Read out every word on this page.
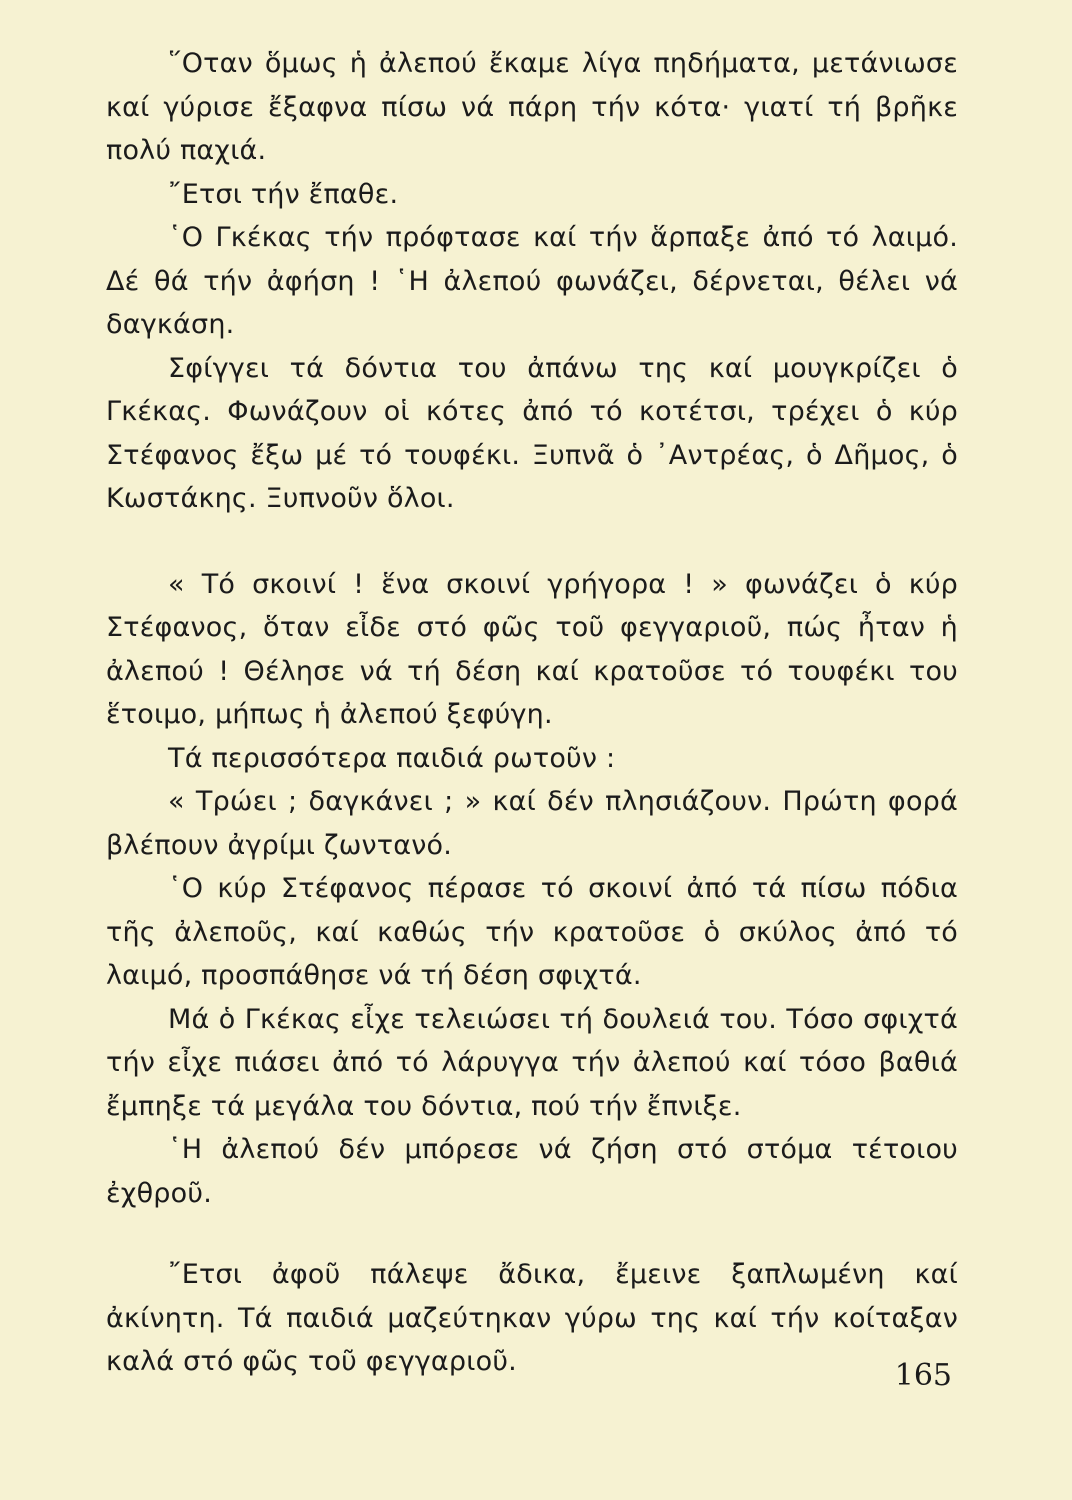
῞Οταν ὅμως ἡ ἀλεπού ἔκαμε λίγα πηδήματα, μετάνιωσε καί γύρισε ἔξαφνα πίσω νά πάρη τήν κότα· γιατί τή βρῆκε πολύ παχιά.

῎Ετσι τήν ἔπαθε.

῾Ο Γκέκας τήν πρόφτασε καί τήν ἅρπαξε ἀπό τό λαιμό. Δέ θά τήν ἀφήση ! ῾Η ἀλεπού φωνάζει, δέρνεται, θέλει νά δαγκάση.

Σφίγγει τά δόντια του ἀπάνω της καί μουγκρίζει ὁ Γκέκας. Φωνάζουν οἱ κότες ἀπό τό κοτέτσι, τρέχει ὁ κύρ Στέφανος ἔξω μέ τό τουφέκι. Ξυπνᾶ ὁ ᾿Αντρέας, ὁ Δῆμος, ὁ Κωστάκης. Ξυπνοῦν ὅλοι.

« Τό σκοινί ! ἕνα σκοινί γρήγορα ! » φωνάζει ὁ κύρ Στέφανος, ὅταν εἶδε στό φῶς τοῦ φεγγαριοῦ, πώς ἦταν ἡ ἀλεπού ! Θέλησε νά τή δέση καί κρατοῦσε τό τουφέκι του ἕτοιμο, μήπως ἡ ἀλεπού ξεφύγη.

Τά περισσότερα παιδιά ρωτοῦν :

« Τρώει ; δαγκάνει ; » καί δέν πλησιάζουν. Πρώτη φορά βλέπουν ἀγρίμι ζωντανό.

῾Ο κύρ Στέφανος πέρασε τό σκοινί ἀπό τά πίσω πόδια τῆς ἀλεποῦς, καί καθώς τήν κρατοῦσε ὁ σκύλος ἀπό τό λαιμό, προσπάθησε νά τή δέση σφιχτά.

Μά ὁ Γκέκας εἶχε τελειώσει τή δουλειά του. Τόσο σφιχτά τήν εἶχε πιάσει ἀπό τό λάρυγγα τήν ἀλεπού καί τόσο βαθιά ἔμπηξε τά μεγάλα του δόντια, πού τήν ἔπνιξε.

῾Η ἀλεπού δέν μπόρεσε νά ζήση στό στόμα τέτοιου ἐχθροῦ.

῎Ετσι ἀφοῦ πάλεψε ἄδικα, ἔμεινε ξαπλωμένη καί ἀκίνητη. Τά παιδιά μαζεύτηκαν γύρω της καί τήν κοίταξαν καλά στό φῶς τοῦ φεγγαριοῦ.	165
